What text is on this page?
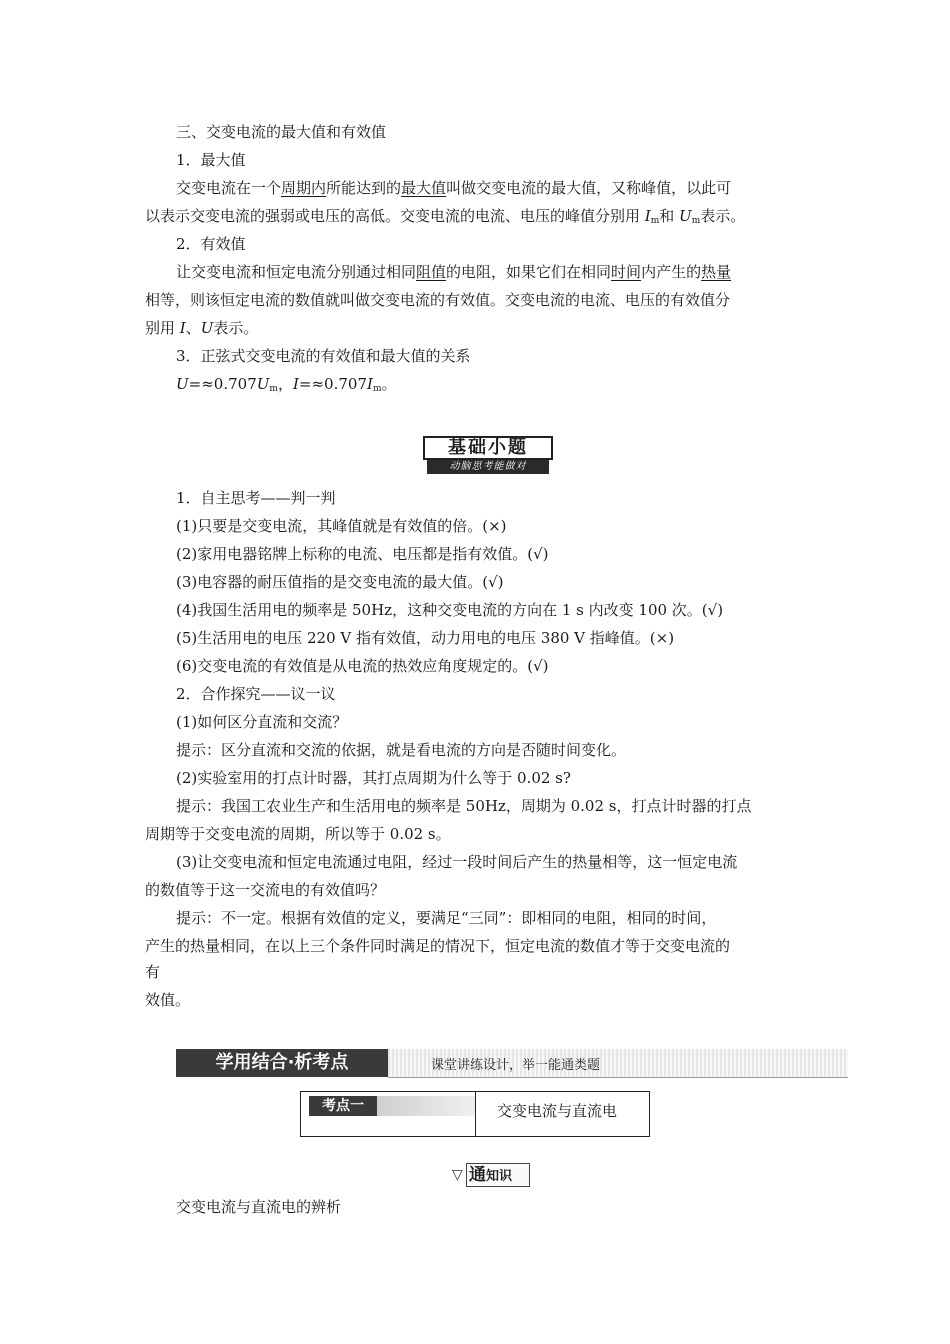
三、交变电流的最大值和有效值
1．最大值
交变电流在一个周期内所能达到的最大值叫做交变电流的最大值，又称峰值，以此可
以表示交变电流的强弱或电压的高低。交变电流的电流、电压的峰值分别用 $I_m$和 $U_m$表示。
2．有效值
让交变电流和恒定电流分别通过相同阻值的电阻，如果它们在相同时间内产生的热量
相等，则该恒定电流的数值就叫做交变电流的有效值。交变电流的电流、电压的有效值分
别用 I、U表示。
3．正弦式交变电流的有效值和最大值的关系
$U=\approx 0.707U_m$，$I=\approx 0.707I_m$。
基础小题
动脑思考能做对
1．自主思考——判一判
(1)只要是交变电流，其峰值就是有效值的倍。(×)
(2)家用电器铭牌上标称的电流、电压都是指有效值。(√)
(3)电容器的耐压值指的是交变电流的最大值。(√)
(4)我国生活用电的频率是 50Hz，这种交变电流的方向在 1 s 内改变 100 次。(√)
(5)生活用电的电压 220 V 指有效值，动力用电的电压 380 V 指峰值。(×)
(6)交变电流的有效值是从电流的热效应角度规定的。(√)
2．合作探究——议一议
(1)如何区分直流和交流？
提示：区分直流和交流的依据，就是看电流的方向是否随时间变化。
(2)实验室用的打点计时器，其打点周期为什么等于 0.02 s?
提示：我国工农业生产和生活用电的频率是 50Hz，周期为 0.02 s，打点计时器的打点
周期等于交变电流的周期，所以等于 0.02 s。
(3)让交变电流和恒定电流通过电阻，经过一段时间后产生的热量相等，这一恒定电流
的数值等于这一交流电的有效值吗？
提示：不一定。根据有效值的定义，要满足“三同”：即相同的电阻，相同的时间，
产生的热量相同，在以上三个条件同时满足的情况下，恒定电流的数值才等于交变电流的
有
效值。
学用结合·析考点	课堂讲练设计，举一能通类题
考点一	交变电流与直流电
▽ 通知识
交变电流与直流电的辨析
